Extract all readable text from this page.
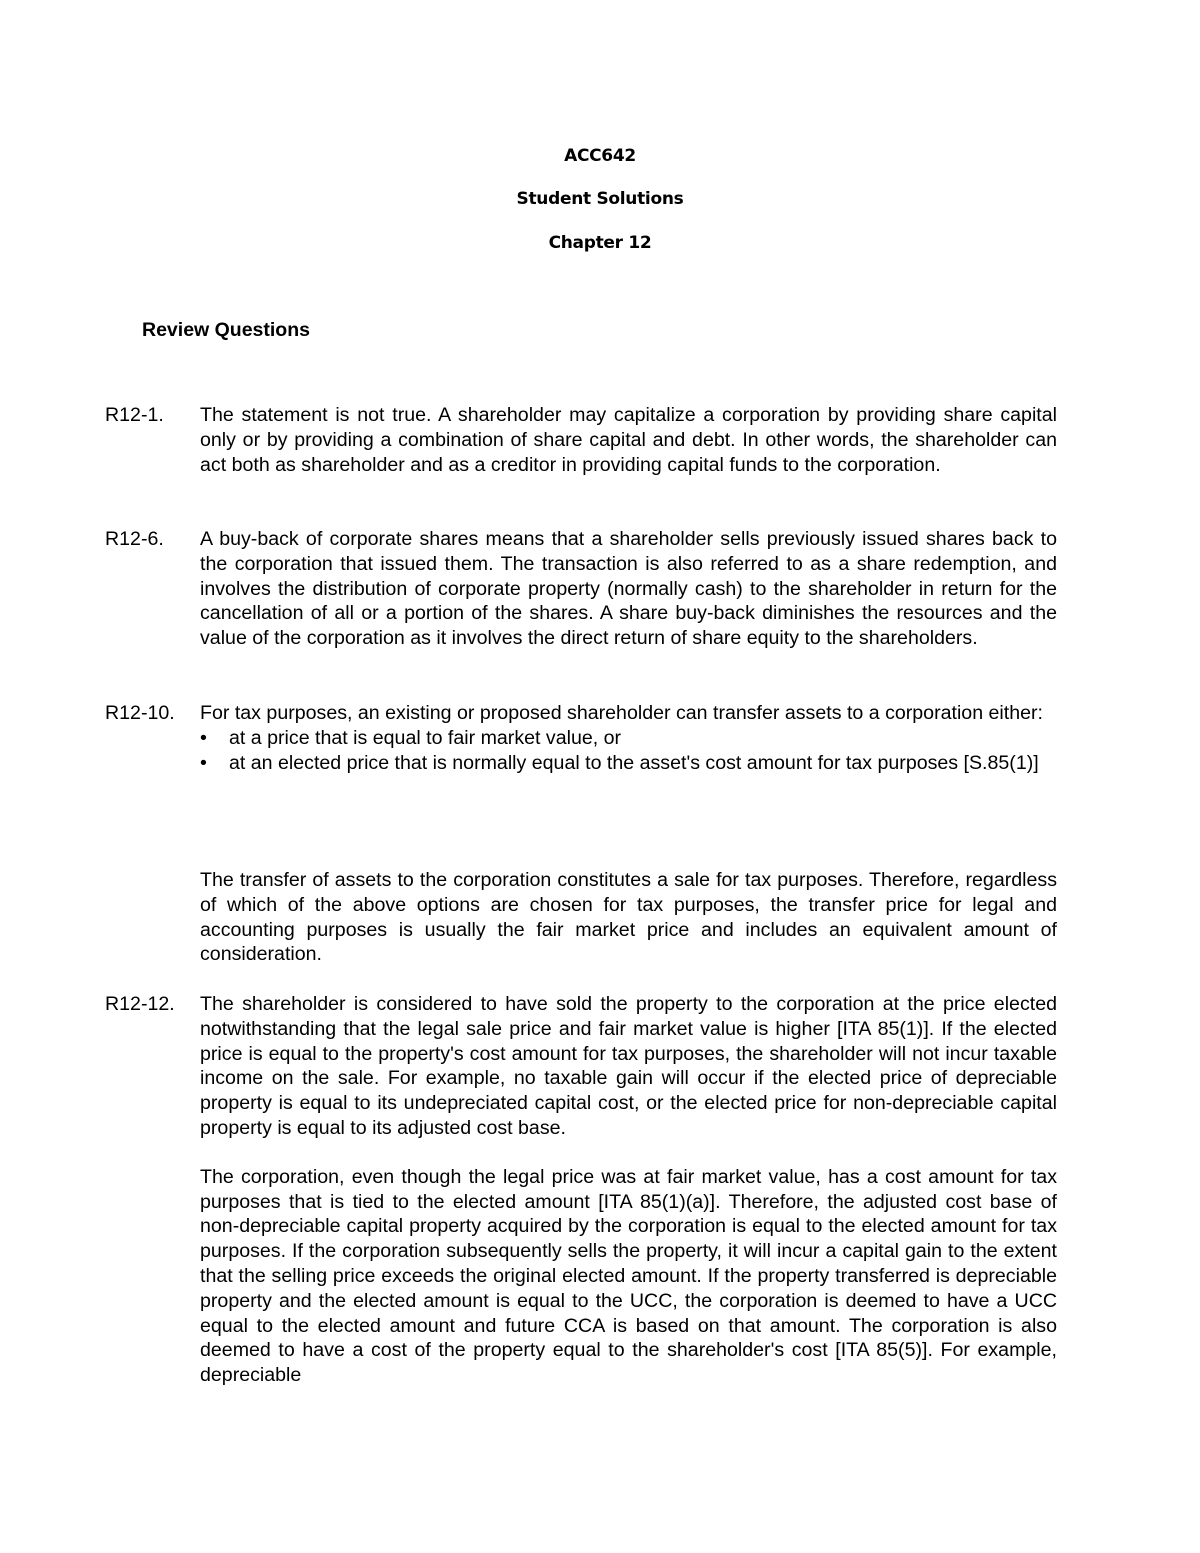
ACC642
Student Solutions
Chapter 12
Review Questions
R12-1. The statement is not true. A shareholder may capitalize a corporation by providing share capital only or by providing a combination of share capital and debt. In other words, the shareholder can act both as shareholder and as a creditor in providing capital funds to the corporation.

R12-6. A buy-back of corporate shares means that a shareholder sells previously issued shares back to the corporation that issued them. The transaction is also referred to as a share redemption, and involves the distribution of corporate property (normally cash) to the shareholder in return for the cancellation of all or a portion of the shares. A share buy-back diminishes the resources and the value of the corporation as it involves the direct return of share equity to the shareholders.

R12-10. For tax purposes, an existing or proposed shareholder can transfer assets to a corporation either:

•	at a price that is equal to fair market value, or
•	at an elected price that is normally equal to the asset's cost amount for tax purposes [S.85(1)]

The transfer of assets to the corporation constitutes a sale for tax purposes. Therefore, regardless of which of the above options are chosen for tax purposes, the transfer price for legal and accounting purposes is usually the fair market price and includes an equivalent amount of consideration.

R12-12. The shareholder is considered to have sold the property to the corporation at the price elected notwithstanding that the legal sale price and fair market value is higher [ITA 85(1)]. If the elected price is equal to the property's cost amount for tax purposes, the shareholder will not incur taxable income on the sale. For example, no taxable gain will occur if the elected price of depreciable property is equal to its undepreciated capital cost, or the elected price for non-depreciable capital property is equal to its adjusted cost base.

The corporation, even though the legal price was at fair market value, has a cost amount for tax purposes that is tied to the elected amount [ITA 85(1)(a)]. Therefore, the adjusted cost base of non-depreciable capital property acquired by the corporation is equal to the elected amount for tax purposes. If the corporation subsequently sells the property, it will incur a capital gain to the extent that the selling price exceeds the original elected amount. If the property transferred is depreciable property and the elected amount is equal to the UCC, the corporation is deemed to have a UCC equal to the elected amount and future CCA is based on that amount. The corporation is also deemed to have a cost of the property equal to the shareholder's cost [ITA 85(5)]. For example, depreciable
